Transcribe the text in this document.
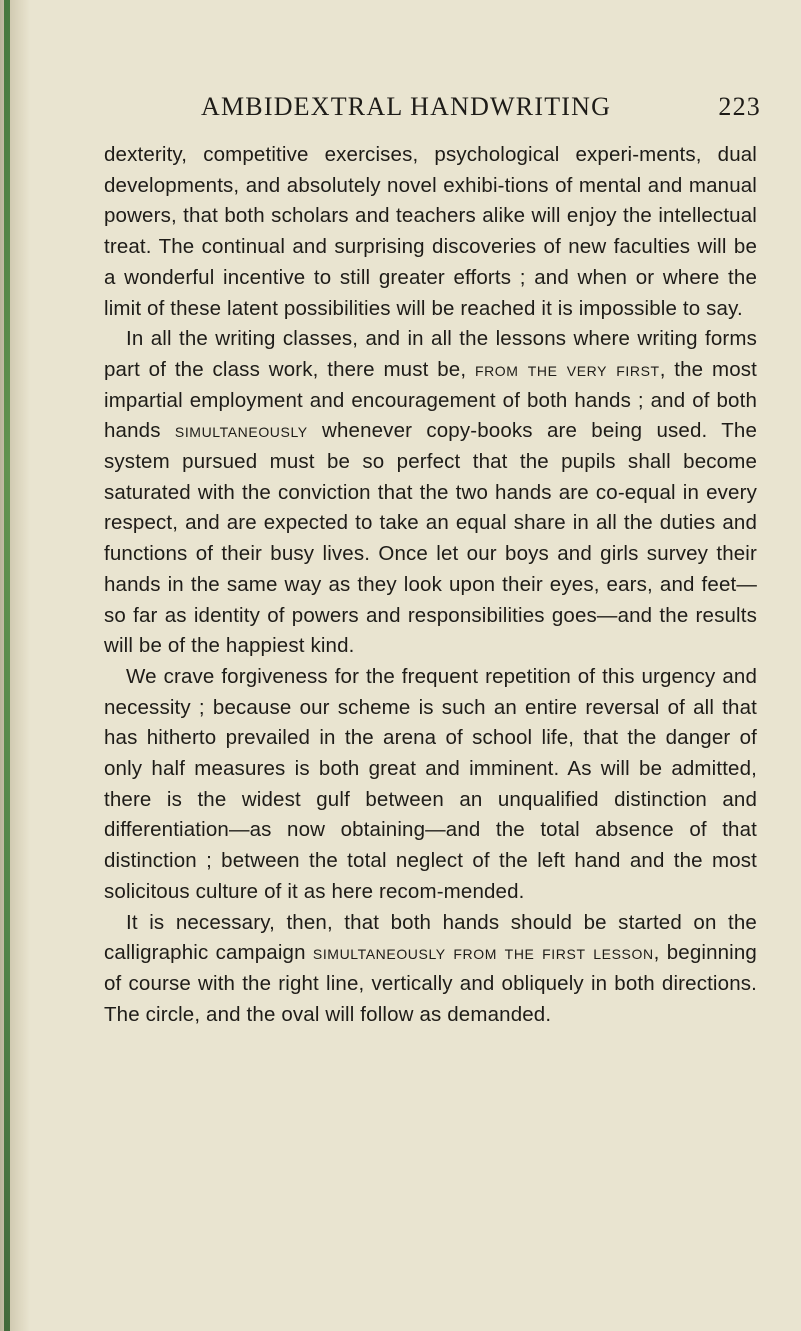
AMBIDEXTRAL HANDWRITING	223

dexterity, competitive exercises, psychological experi-ments, dual developments, and absolutely novel exhibi-tions of mental and manual powers, that both scholars and teachers alike will enjoy the intellectual treat. The continual and surprising discoveries of new faculties will be a wonderful incentive to still greater efforts ; and when or where the limit of these latent possibilities will be reached it is impossible to say.

In all the writing classes, and in all the lessons where writing forms part of the class work, there must be, from the very first, the most impartial employment and encouragement of both hands ; and of both hands simultaneously whenever copy-books are being used. The system pursued must be so perfect that the pupils shall become saturated with the conviction that the two hands are co-equal in every respect, and are expected to take an equal share in all the duties and functions of their busy lives. Once let our boys and girls survey their hands in the same way as they look upon their eyes, ears, and feet—so far as identity of powers and responsibilities goes—and the results will be of the happiest kind.

We crave forgiveness for the frequent repetition of this urgency and necessity ; because our scheme is such an entire reversal of all that has hitherto prevailed in the arena of school life, that the danger of only half measures is both great and imminent. As will be admitted, there is the widest gulf between an unqualified distinction and differentiation—as now obtaining—and the total absence of that distinction ; between the total neglect of the left hand and the most solicitous culture of it as here recom-mended.

It is necessary, then, that both hands should be started on the calligraphic campaign simultaneously from the first lesson, beginning of course with the right line, vertically and obliquely in both directions. The circle, and the oval will follow as demanded.
